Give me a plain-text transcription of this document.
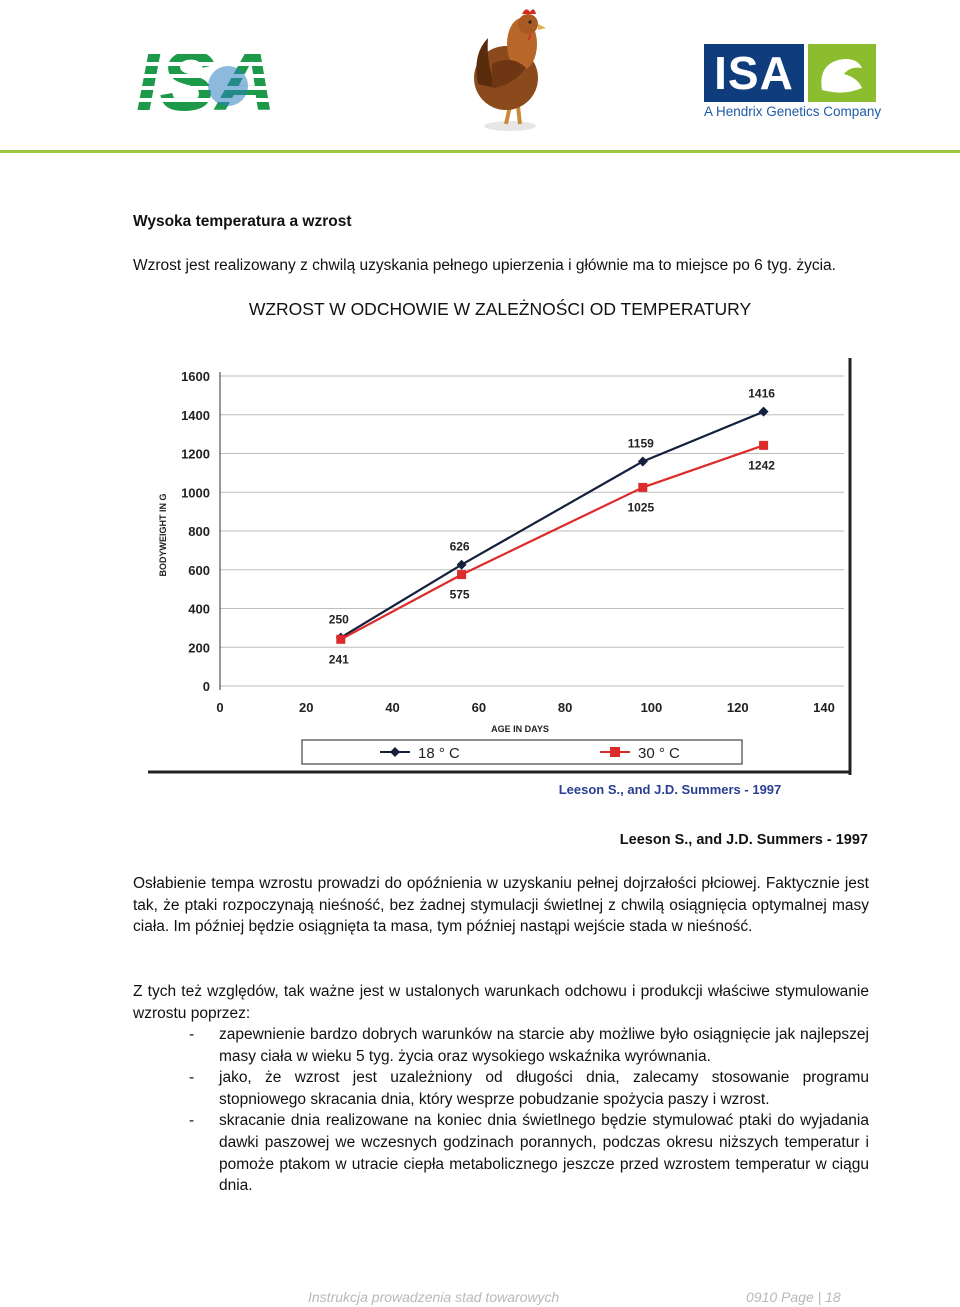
ISA
A Hendrix Genetics Company
Wysoka temperatura a wzrost
Wzrost jest realizowany z chwilą uzyskania pełnego upierzenia i głównie ma to miejsce po 6 tyg. życia.
WZROST W ODCHOWIE W ZALEŻNOŚCI OD TEMPERATURY
0
200
400
600
800
1000
1200
1400
1600
0	20	40	60	80	100	120	140
BODYWEIGHT IN G
AGE IN DAYS
250
626
1159
1416
241
575
1025
1242
18 ° C	30 ° C
Leeson S., and J.D. Summers - 1997
Leeson S., and J.D. Summers - 1997
Osłabienie tempa wzrostu prowadzi do opóźnienia w uzyskaniu pełnej dojrzałości płciowej. Faktycznie jest tak, że ptaki rozpoczynają nieśność, bez żadnej stymulacji świetlnej z chwilą osiągnięcia optymalnej masy ciała. Im później będzie osiągnięta ta masa, tym później nastąpi wejście stada w nieśność.
Z tych też względów, tak ważne jest w ustalonych warunkach odchowu i produkcji właściwe stymulowanie wzrostu poprzez:
- zapewnienie bardzo dobrych warunków na starcie aby możliwe było osiągnięcie jak najlepszej masy ciała w wieku 5 tyg. życia oraz wysokiego wskaźnika wyrównania.
- jako, że wzrost jest uzależniony od długości dnia, zalecamy stosowanie programu stopniowego skracania dnia, który wesprze pobudzanie spożycia paszy i wzrost.
- skracanie dnia realizowane na koniec dnia świetlnego będzie stymulować ptaki do wyjadania dawki paszowej we wczesnych godzinach porannych, podczas okresu niższych temperatur i pomoże ptakom w utracie ciepła metabolicznego jeszcze przed wzrostem temperatur w ciągu dnia.
Instrukcja prowadzenia stad towarowych	0910 Page | 18
